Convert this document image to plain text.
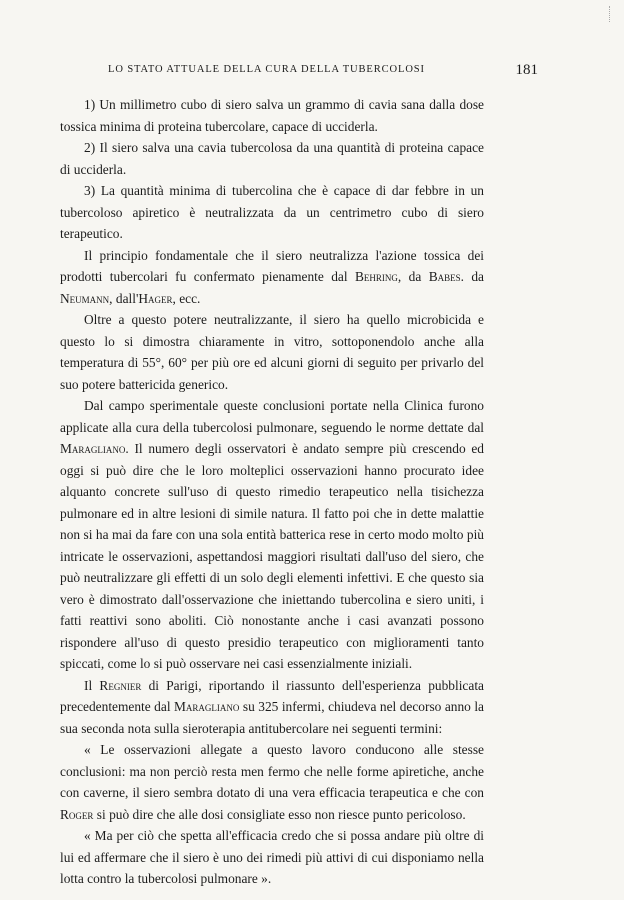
LO STATO ATTUALE DELLA CURA DELLA TUBERCOLOSI	181

1) Un millimetro cubo di siero salva un grammo di cavia sana dalla dose tossica minima di proteina tubercolare, capace di ucciderla.

2) Il siero salva una cavia tubercolosa da una quantità di proteina capace di ucciderla.

3) La quantità minima di tubercolina che è capace di dar febbre in un tubercoloso apiretico è neutralizzata da un centrimetro cubo di siero terapeutico.

Il principio fondamentale che il siero neutralizza l'azione tossica dei prodotti tubercolari fu confermato pienamente dal Behring, da Babes. da Neumann, dall'Hager, ecc.

Oltre a questo potere neutralizzante, il siero ha quello microbicida e questo lo si dimostra chiaramente in vitro, sottoponendolo anche alla temperatura di 55°, 60° per più ore ed alcuni giorni di seguito per privarlo del suo potere battericida generico.

Dal campo sperimentale queste conclusioni portate nella Clinica furono applicate alla cura della tubercolosi pulmonare, seguendo le norme dettate dal Maragliano. Il numero degli osservatori è andato sempre più crescendo ed oggi si può dire che le loro molteplici osservazioni hanno procurato idee alquanto concrete sull'uso di questo rimedio terapeutico nella tisichezza pulmonare ed in altre lesioni di simile natura. Il fatto poi che in dette malattie non si ha mai da fare con una sola entità batterica rese in certo modo molto più intricate le osservazioni, aspettandosi maggiori risultati dall'uso del siero, che può neutralizzare gli effetti di un solo degli elementi infettivi. E che questo sia vero è dimostrato dall'osservazione che iniettando tubercolina e siero uniti, i fatti reattivi sono aboliti. Ciò nonostante anche i casi avanzati possono rispondere all'uso di questo presidio terapeutico con miglioramenti tanto spiccati, come lo si può osservare nei casi essenzialmente iniziali.

Il Regnier di Parigi, riportando il riassunto dell'esperienza pubblicata precedentemente dal Maragliano su 325 infermi, chiudeva nel decorso anno la sua seconda nota sulla sieroterapia antitubercolare nei seguenti termini:

« Le osservazioni allegate a questo lavoro conducono alle stesse conclusioni: ma non perciò resta men fermo che nelle forme apiretiche, anche con caverne, il siero sembra dotato di una vera efficacia terapeutica e che con Roger si può dire che alle dosi consigliate esso non riesce punto pericoloso.

« Ma per ciò che spetta all'efficacia credo che si possa andare più oltre di lui ed affermare che il siero è uno dei rimedi più attivi di cui disponiamo nella lotta contro la tubercolosi pulmonare ».
